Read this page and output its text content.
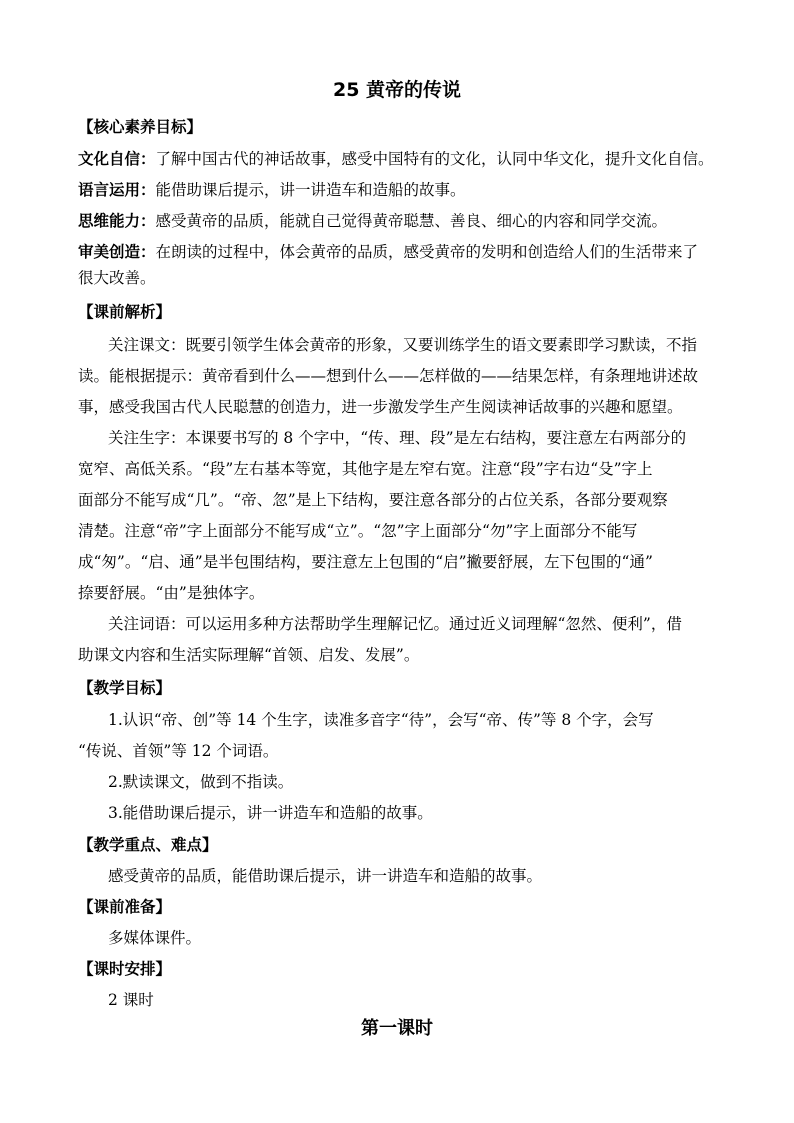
25 黄帝的传说
【核心素养目标】
文化自信：了解中国古代的神话故事，感受中国特有的文化，认同中华文化，提升文化自信。
语言运用：能借助课后提示，讲一讲造车和造船的故事。
思维能力：感受黄帝的品质，能就自己觉得黄帝聪慧、善良、细心的内容和同学交流。
审美创造：在朗读的过程中，体会黄帝的品质，感受黄帝的发明和创造给人们的生活带来了
很大改善。
【课前解析】
关注课文：既要引领学生体会黄帝的形象，又要训练学生的语文要素即学习默读，不指
读。能根据提示：黄帝看到什么——想到什么——怎样做的——结果怎样，有条理地讲述故
事，感受我国古代人民聪慧的创造力，进一步激发学生产生阅读神话故事的兴趣和愿望。
关注生字：本课要书写的 8 个字中，“传、理、段”是左右结构，要注意左右两部分的
宽窄、高低关系。“段”左右基本等宽，其他字是左窄右宽。注意“段”字右边“殳”字上
面部分不能写成“几”。“帝、忽”是上下结构，要注意各部分的占位关系，各部分要观察
清楚。注意“帝”字上面部分不能写成“立”。“忽”字上面部分“勿”字上面部分不能写
成“匆”。“启、通”是半包围结构，要注意左上包围的“启”撇要舒展，左下包围的“通”
捺要舒展。“由”是独体字。
关注词语：可以运用多种方法帮助学生理解记忆。通过近义词理解“忽然、便利”，借
助课文内容和生活实际理解“首领、启发、发展”。
【教学目标】
1.认识“帝、创”等 14 个生字，读准多音字“待”，会写“帝、传”等 8 个字，会写
“传说、首领”等 12 个词语。
2.默读课文，做到不指读。
3.能借助课后提示，讲一讲造车和造船的故事。
【教学重点、难点】
感受黄帝的品质，能借助课后提示，讲一讲造车和造船的故事。
【课前准备】
多媒体课件。
【课时安排】
2 课时
第一课时
